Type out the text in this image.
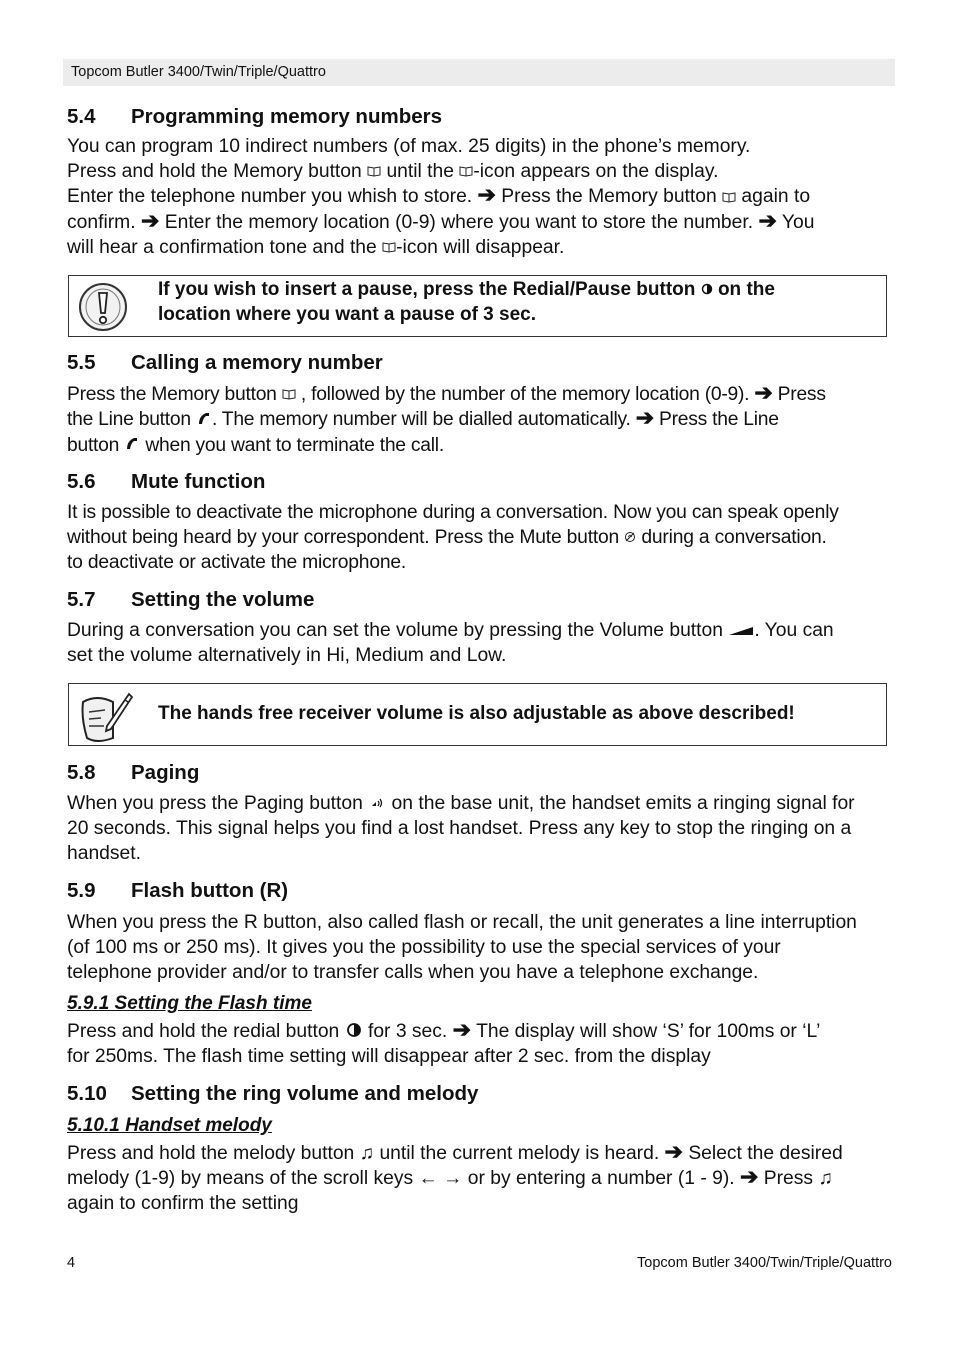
Topcom Butler 3400/Twin/Triple/Quattro
5.4 Programming memory numbers

You can program 10 indirect numbers (of max. 25 digits) in the phone’s memory.

Press and hold the Memory button  until the -icon appears on the display.

Enter the telephone number you whish to store. ➔ Press the Memory button  again to

confirm. ➔ Enter the memory location (0-9) where you want to store the number. ➔ You

will hear a confirmation tone and the -icon will disappear.

If you wish to insert a pause, press the Redial/Pause button  on the
location where you want a pause of 3 sec.
5.5 Calling a memory number

Press the Memory button  , followed by the number of the memory location (0-9). ➔ Press

the Line button . The memory number will be dialled automatically. ➔ Press the Line

button  when you want to terminate the call.

5.6 Mute function

It is possible to deactivate the microphone during a conversation. Now you can speak openly

without being heard by your correspondent. Press the Mute button  during a conversation.

to deactivate or activate the microphone.

5.7 Setting the volume

During a conversation you can set the volume by pressing the Volume button . You can

set the volume alternatively in Hi, Medium and Low.

The hands free receiver volume is also adjustable as above described!
5.8 Paging

When you press the Paging button  on the base unit, the handset emits a ringing signal for

20 seconds. This signal helps you find a lost handset. Press any key to stop the ringing on a

handset.

5.9 Flash button (R)

When you press the R button, also called flash or recall, the unit generates a line interruption

(of 100 ms or 250 ms). It gives you the possibility to use the special services of your

telephone provider and/or to transfer calls when you have a telephone exchange.

5.9.1 Setting the Flash time

Press and hold the redial button  for 3 sec. ➔ The display will show ‘S’ for 100ms or ‘L’

for 250ms. The flash time setting will disappear after 2 sec. from the display

5.10 Setting the ring volume and melody
5.10.1 Handset melody

Press and hold the melody button ♫ until the current melody is heard. ➔ Select the desired

melody (1-9) by means of the scroll keys ← → or by entering a number (1 - 9). ➔ Press ♫

again to confirm the setting

4	Topcom Butler 3400/Twin/Triple/Quattro
